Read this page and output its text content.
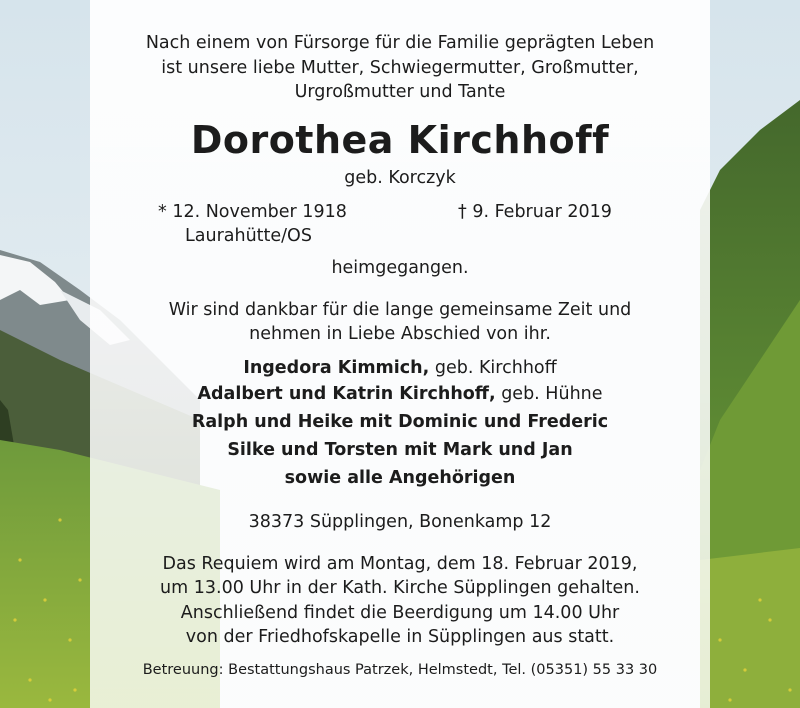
Nach einem von Fürsorge für die Familie geprägten Leben
ist unsere liebe Mutter, Schwiegermutter, Großmutter,
Urgroßmutter und Tante
Dorothea Kirchhoff
geb. Korczyk
* 12. November 1918	† 9. Februar 2019
Laurahütte/OS
heimgegangen.
Wir sind dankbar für die lange gemeinsame Zeit und
nehmen in Liebe Abschied von ihr.
Ingedora Kimmich, geb. Kirchhoff
Adalbert und Katrin Kirchhoff, geb. Hühne
Ralph und Heike mit Dominic und Frederic
Silke und Torsten mit Mark und Jan
sowie alle Angehörigen
38373 Süpplingen, Bonenkamp 12
Das Requiem wird am Montag, dem 18. Februar 2019,
um 13.00 Uhr in der Kath. Kirche Süpplingen gehalten.
Anschließend findet die Beerdigung um 14.00 Uhr
von der Friedhofskapelle in Süpplingen aus statt.
Betreuung: Bestattungshaus Patrzek, Helmstedt, Tel. (05351) 55 33 30
